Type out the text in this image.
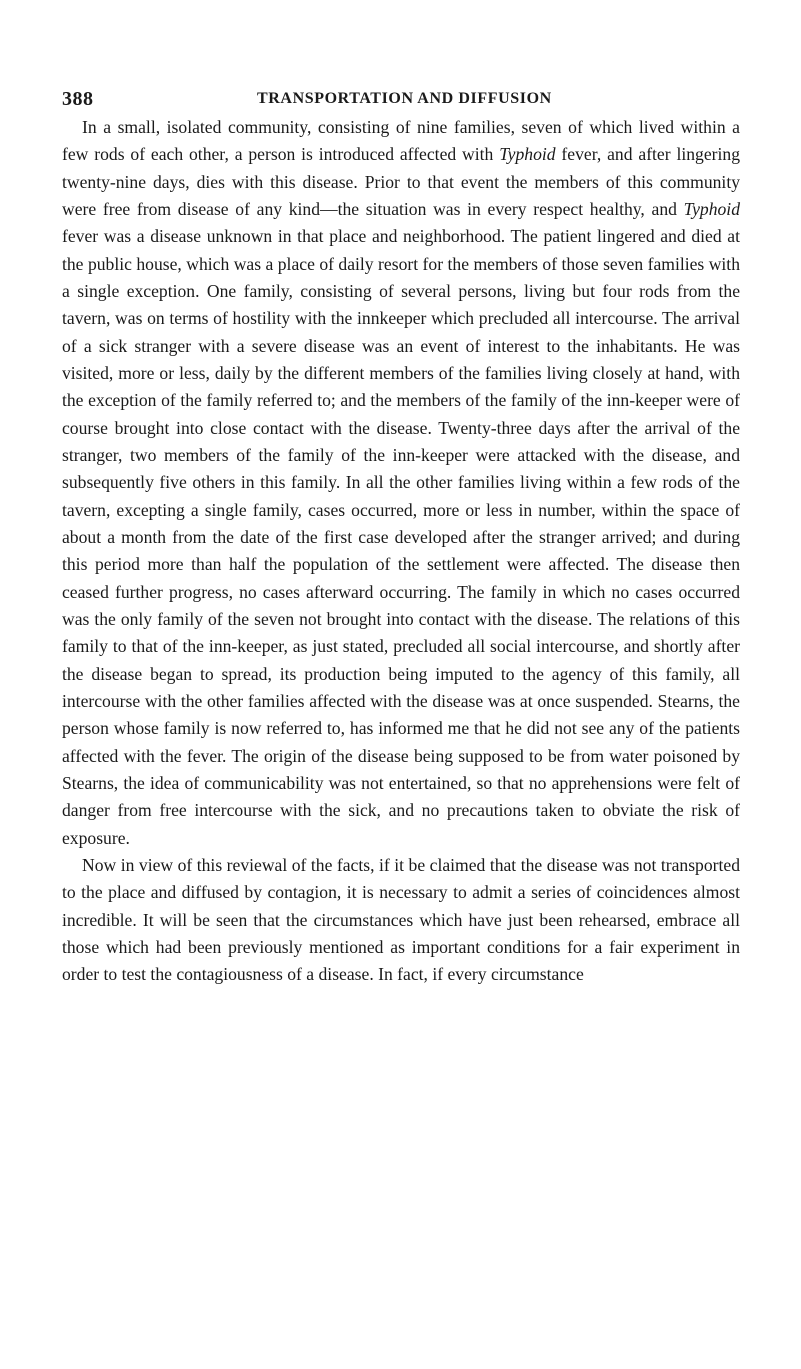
388	TRANSPORTATION AND DIFFUSION

In a small, isolated community, consisting of nine families, seven of which lived within a few rods of each other, a person is introduced affected with Typhoid fever, and after lingering twenty-nine days, dies with this disease. Prior to that event the members of this community were free from disease of any kind—the situation was in every respect healthy, and Typhoid fever was a disease unknown in that place and neighborhood. The patient lingered and died at the public house, which was a place of daily resort for the members of those seven families with a single exception. One family, consisting of several persons, living but four rods from the tavern, was on terms of hostility with the innkeeper which precluded all intercourse. The arrival of a sick stranger with a severe disease was an event of interest to the inhabitants. He was visited, more or less, daily by the different members of the families living closely at hand, with the exception of the family referred to; and the members of the family of the inn-keeper were of course brought into close contact with the disease. Twenty-three days after the arrival of the stranger, two members of the family of the inn-keeper were attacked with the disease, and subsequently five others in this family. In all the other families living within a few rods of the tavern, excepting a single family, cases occurred, more or less in number, within the space of about a month from the date of the first case developed after the stranger arrived; and during this period more than half the population of the settlement were affected. The disease then ceased further progress, no cases afterward occurring. The family in which no cases occurred was the only family of the seven not brought into contact with the disease. The relations of this family to that of the inn-keeper, as just stated, precluded all social intercourse, and shortly after the disease began to spread, its production being imputed to the agency of this family, all intercourse with the other families affected with the disease was at once suspended. Stearns, the person whose family is now referred to, has informed me that he did not see any of the patients affected with the fever. The origin of the disease being supposed to be from water poisoned by Stearns, the idea of communicability was not entertained, so that no apprehensions were felt of danger from free intercourse with the sick, and no precautions taken to obviate the risk of exposure.

Now in view of this reviewal of the facts, if it be claimed that the disease was not transported to the place and diffused by contagion, it is necessary to admit a series of coincidences almost incredible. It will be seen that the circumstances which have just been rehearsed, embrace all those which had been previously mentioned as important conditions for a fair experiment in order to test the contagiousness of a disease. In fact, if every circumstance
